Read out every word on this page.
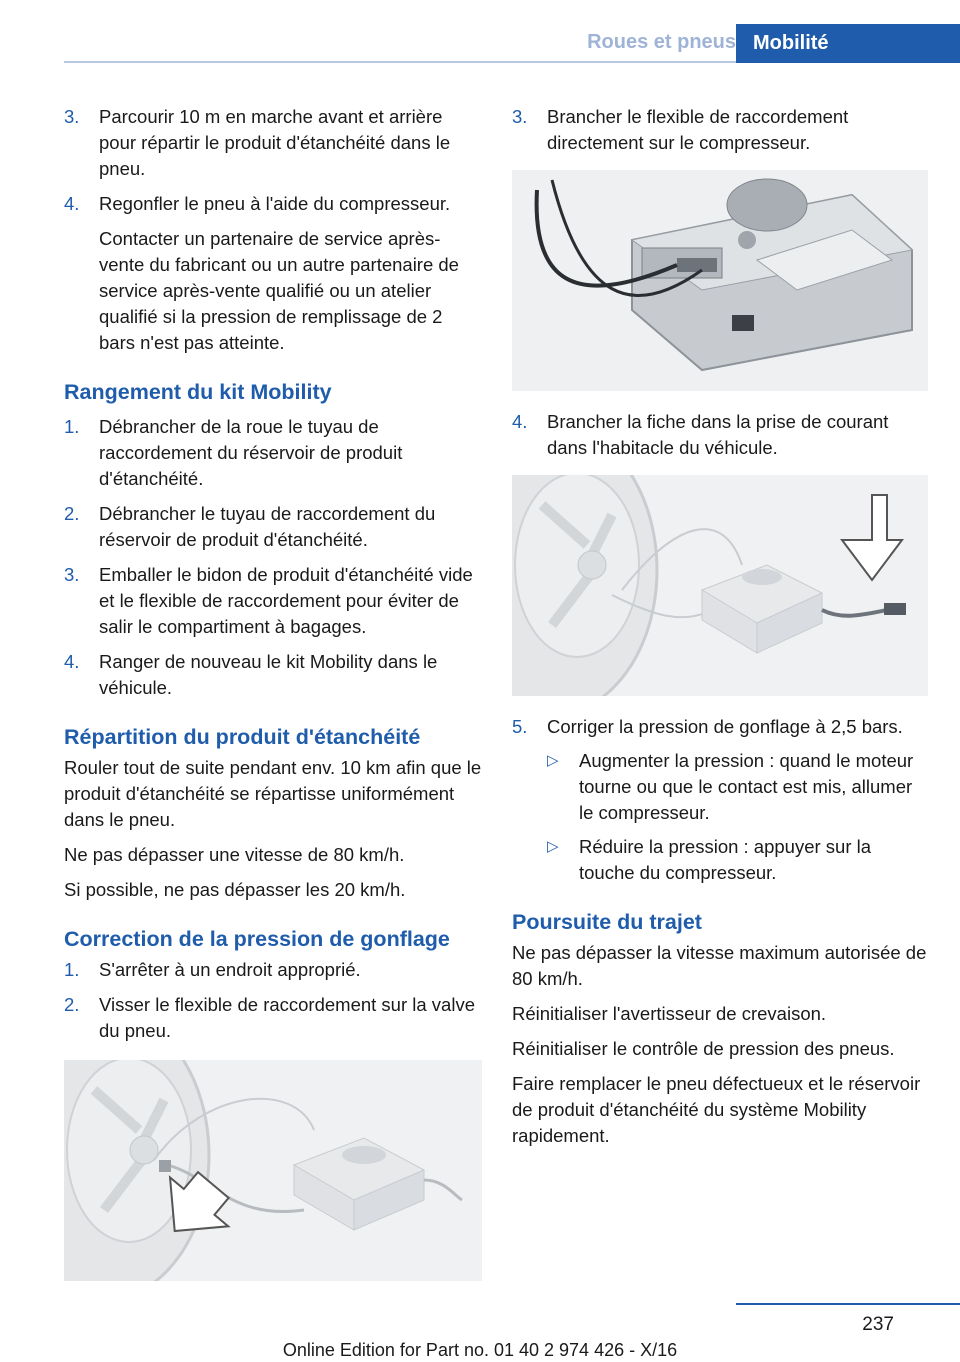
Roues et pneus Mobilité
3.	Parcourir 10 m en marche avant et arrière pour répartir le produit d'étanchéité dans le pneu.

4.	Regonfler le pneu à l'aide du compresseur.

Contacter un partenaire de service après-vente du fabricant ou un autre partenaire de service après-vente qualifié ou un atelier qualifié si la pression de remplissage de 2 bars n'est pas atteinte.

Rangement du kit Mobility
1.	Débrancher de la roue le tuyau de raccordement du réservoir de produit d'étanchéité.
2.	Débrancher le tuyau de raccordement du réservoir de produit d'étanchéité.
3.	Emballer le bidon de produit d'étanchéité vide et le flexible de raccordement pour éviter de salir le compartiment à bagages.
4.	Ranger de nouveau le kit Mobility dans le véhicule.
Répartition du produit d'étanchéité

Rouler tout de suite pendant env. 10 km afin que le produit d'étanchéité se répartisse uniformément dans le pneu.

Ne pas dépasser une vitesse de 80 km/h.

Si possible, ne pas dépasser les 20 km/h.

Correction de la pression de gonflage
1.	S'arrêter à un endroit approprié.
2.	Visser le flexible de raccordement sur la valve du pneu.
3.	Brancher le flexible de raccordement directement sur le compresseur.
4.	Brancher la fiche dans la prise de courant dans l'habitacle du véhicule.
5.	Corriger la pression de gonflage à 2,5 bars.

▷	Augmenter la pression : quand le moteur tourne ou que le contact est mis, allumer le compresseur.
▷	Réduire la pression : appuyer sur la touche du compresseur.
Poursuite du trajet

Ne pas dépasser la vitesse maximum autorisée de 80 km/h.

Réinitialiser l'avertisseur de crevaison.

Réinitialiser le contrôle de pression des pneus.

Faire remplacer le pneu défectueux et le réservoir de produit d'étanchéité du système Mobility rapidement.

237
Online Edition for Part no. 01 40 2 974 426 - X/16
